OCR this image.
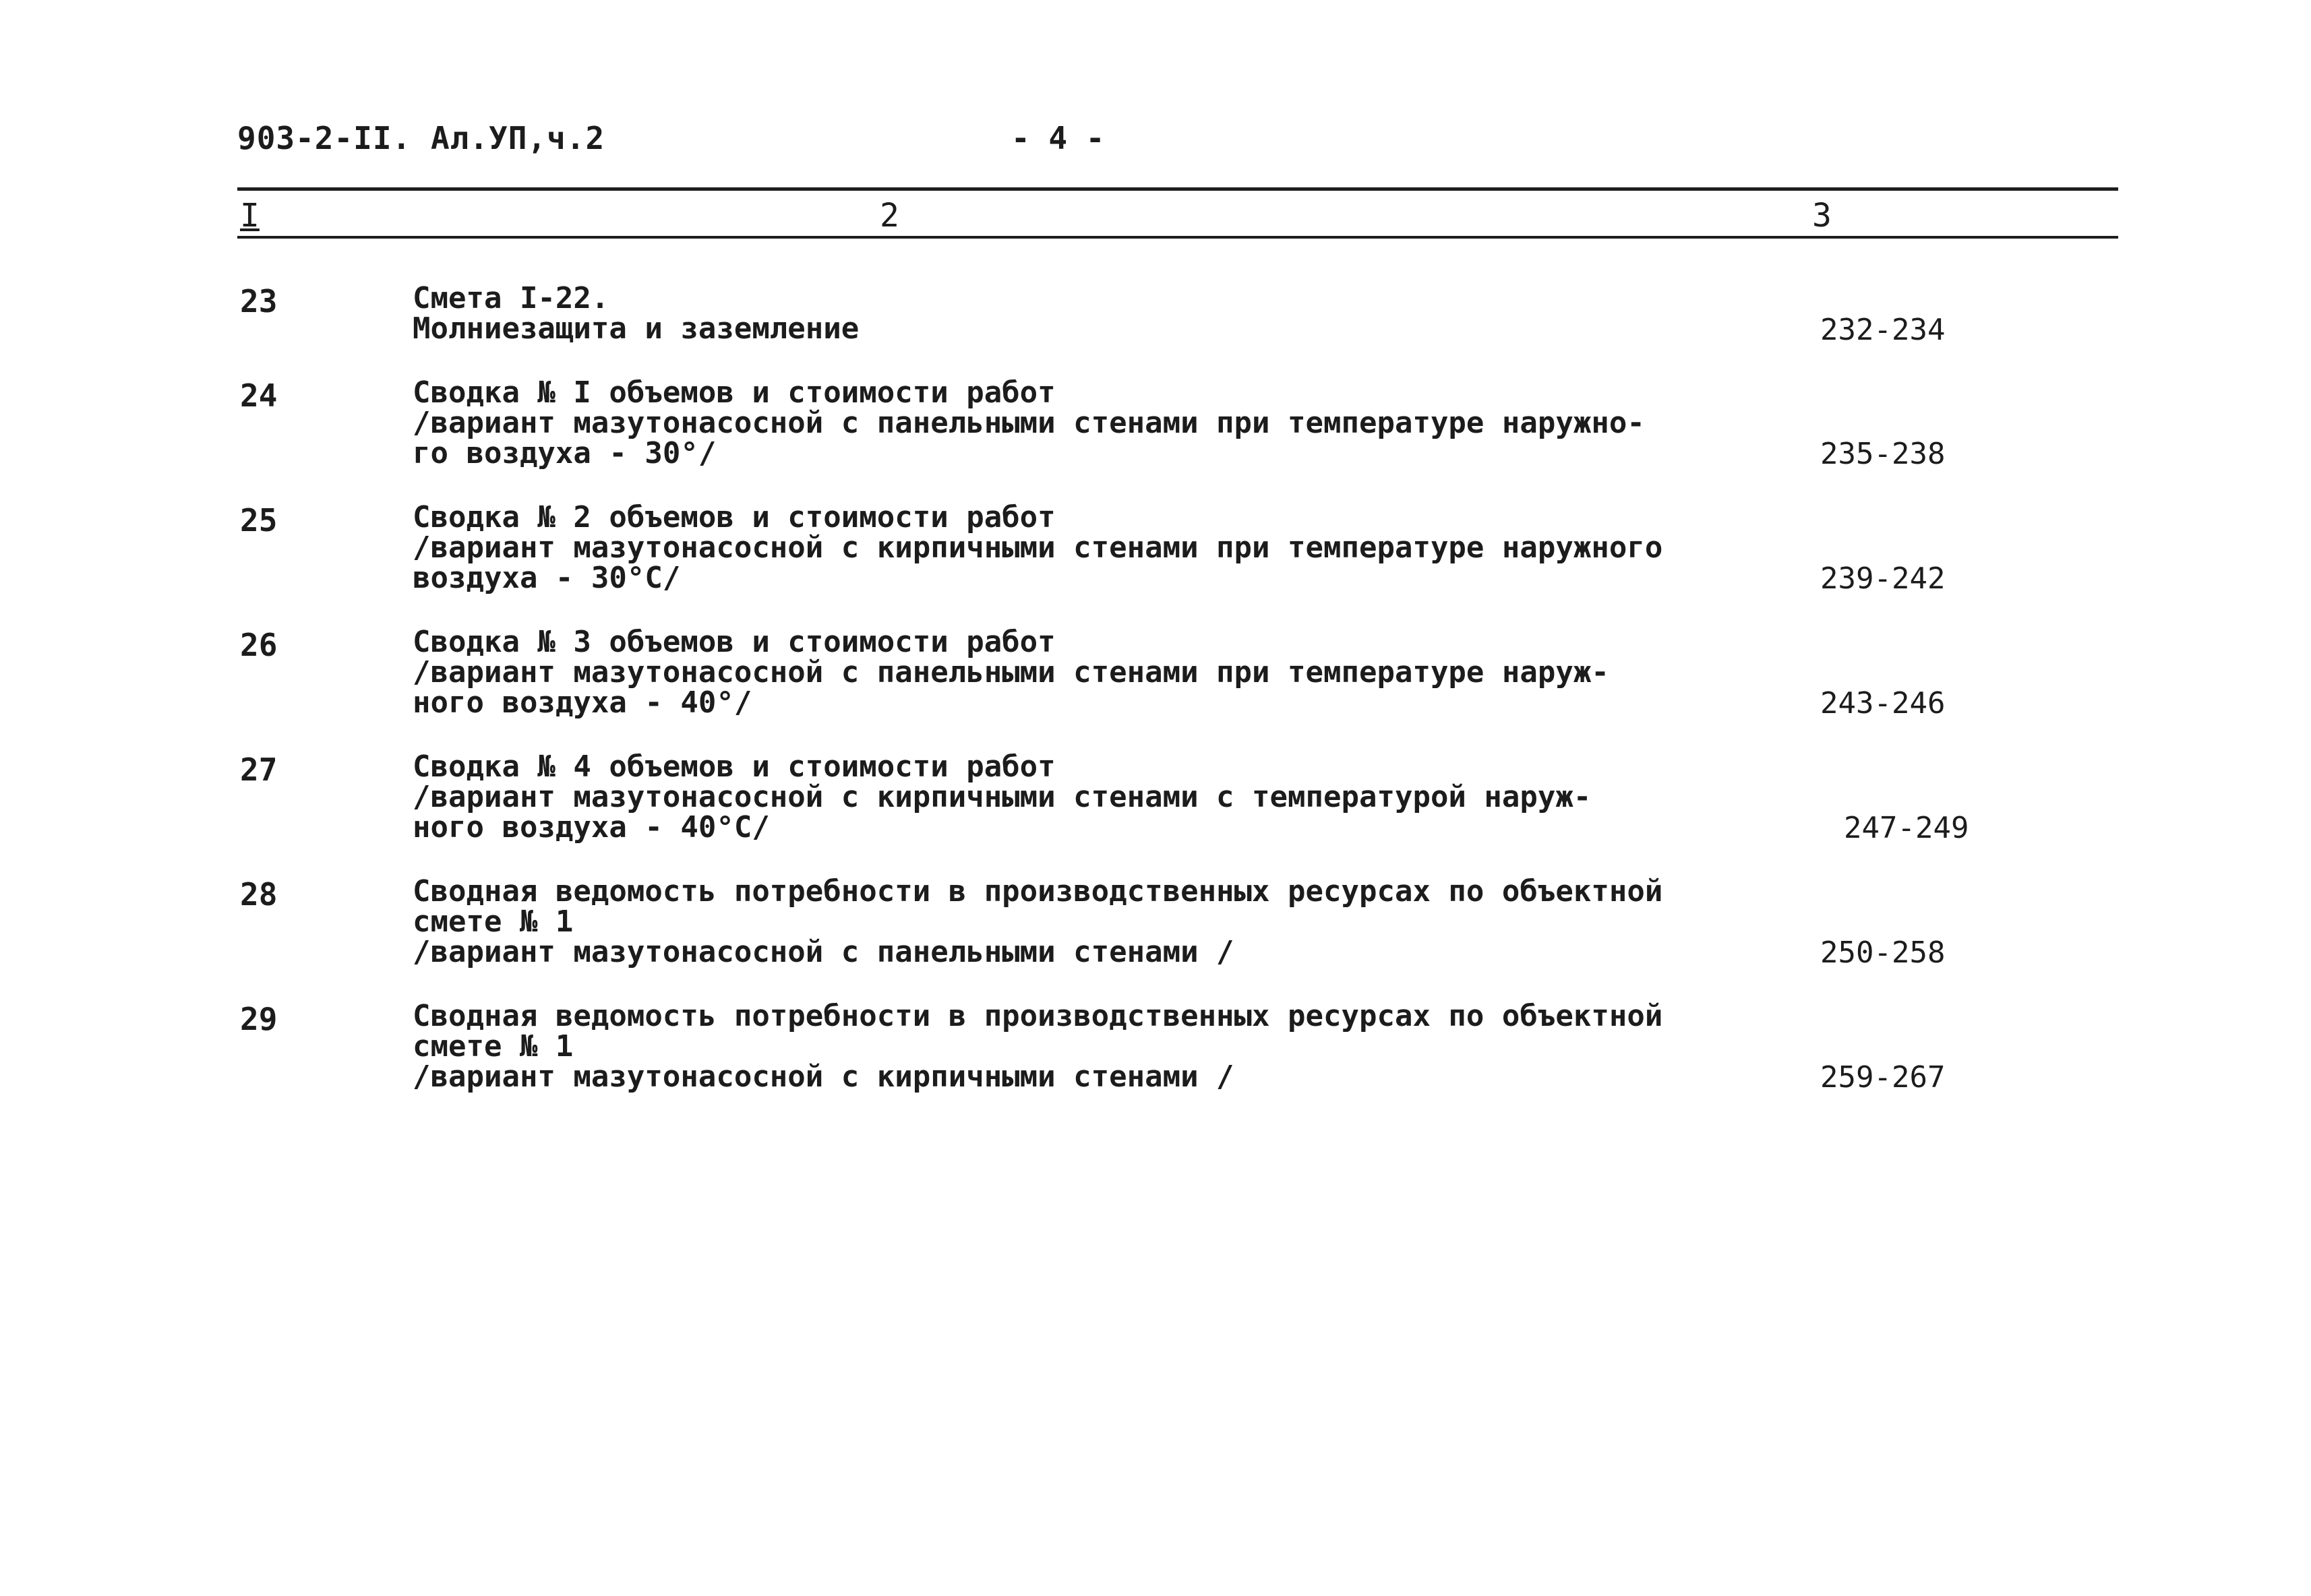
903-2-II. Ал.УП,ч.2	- 4 -
I	2	3
23	Смета I-22.
Молниезащита и заземление	232-234
24	Сводка № I объемов и стоимости работ
/вариант мазутонасосной с панельными стенами при температуре наружно-
го воздуха - 30°/	235-238
25	Сводка № 2 объемов и стоимости работ
/вариант мазутонасосной с кирпичными стенами при температуре наружного
воздуха - 30°C/	239-242
26	Сводка № 3 объемов и стоимости работ
/вариант мазутонасосной с панельными стенами при температуре наруж-
ного воздуха - 40°/	243-246
27	Сводка № 4 объемов и стоимости работ
/вариант мазутонасосной с кирпичными стенами с температурой наруж-
ного воздуха - 40°C/	247-249
28	Сводная ведомость потребности в производственных ресурсах по объектной
смете № 1
/вариант мазутонасосной с панельными стенами /	250-258
29	Сводная ведомость потребности в производственных ресурсах по объектной
смете № 1
/вариант мазутонасосной с кирпичными стенами /	259-267
